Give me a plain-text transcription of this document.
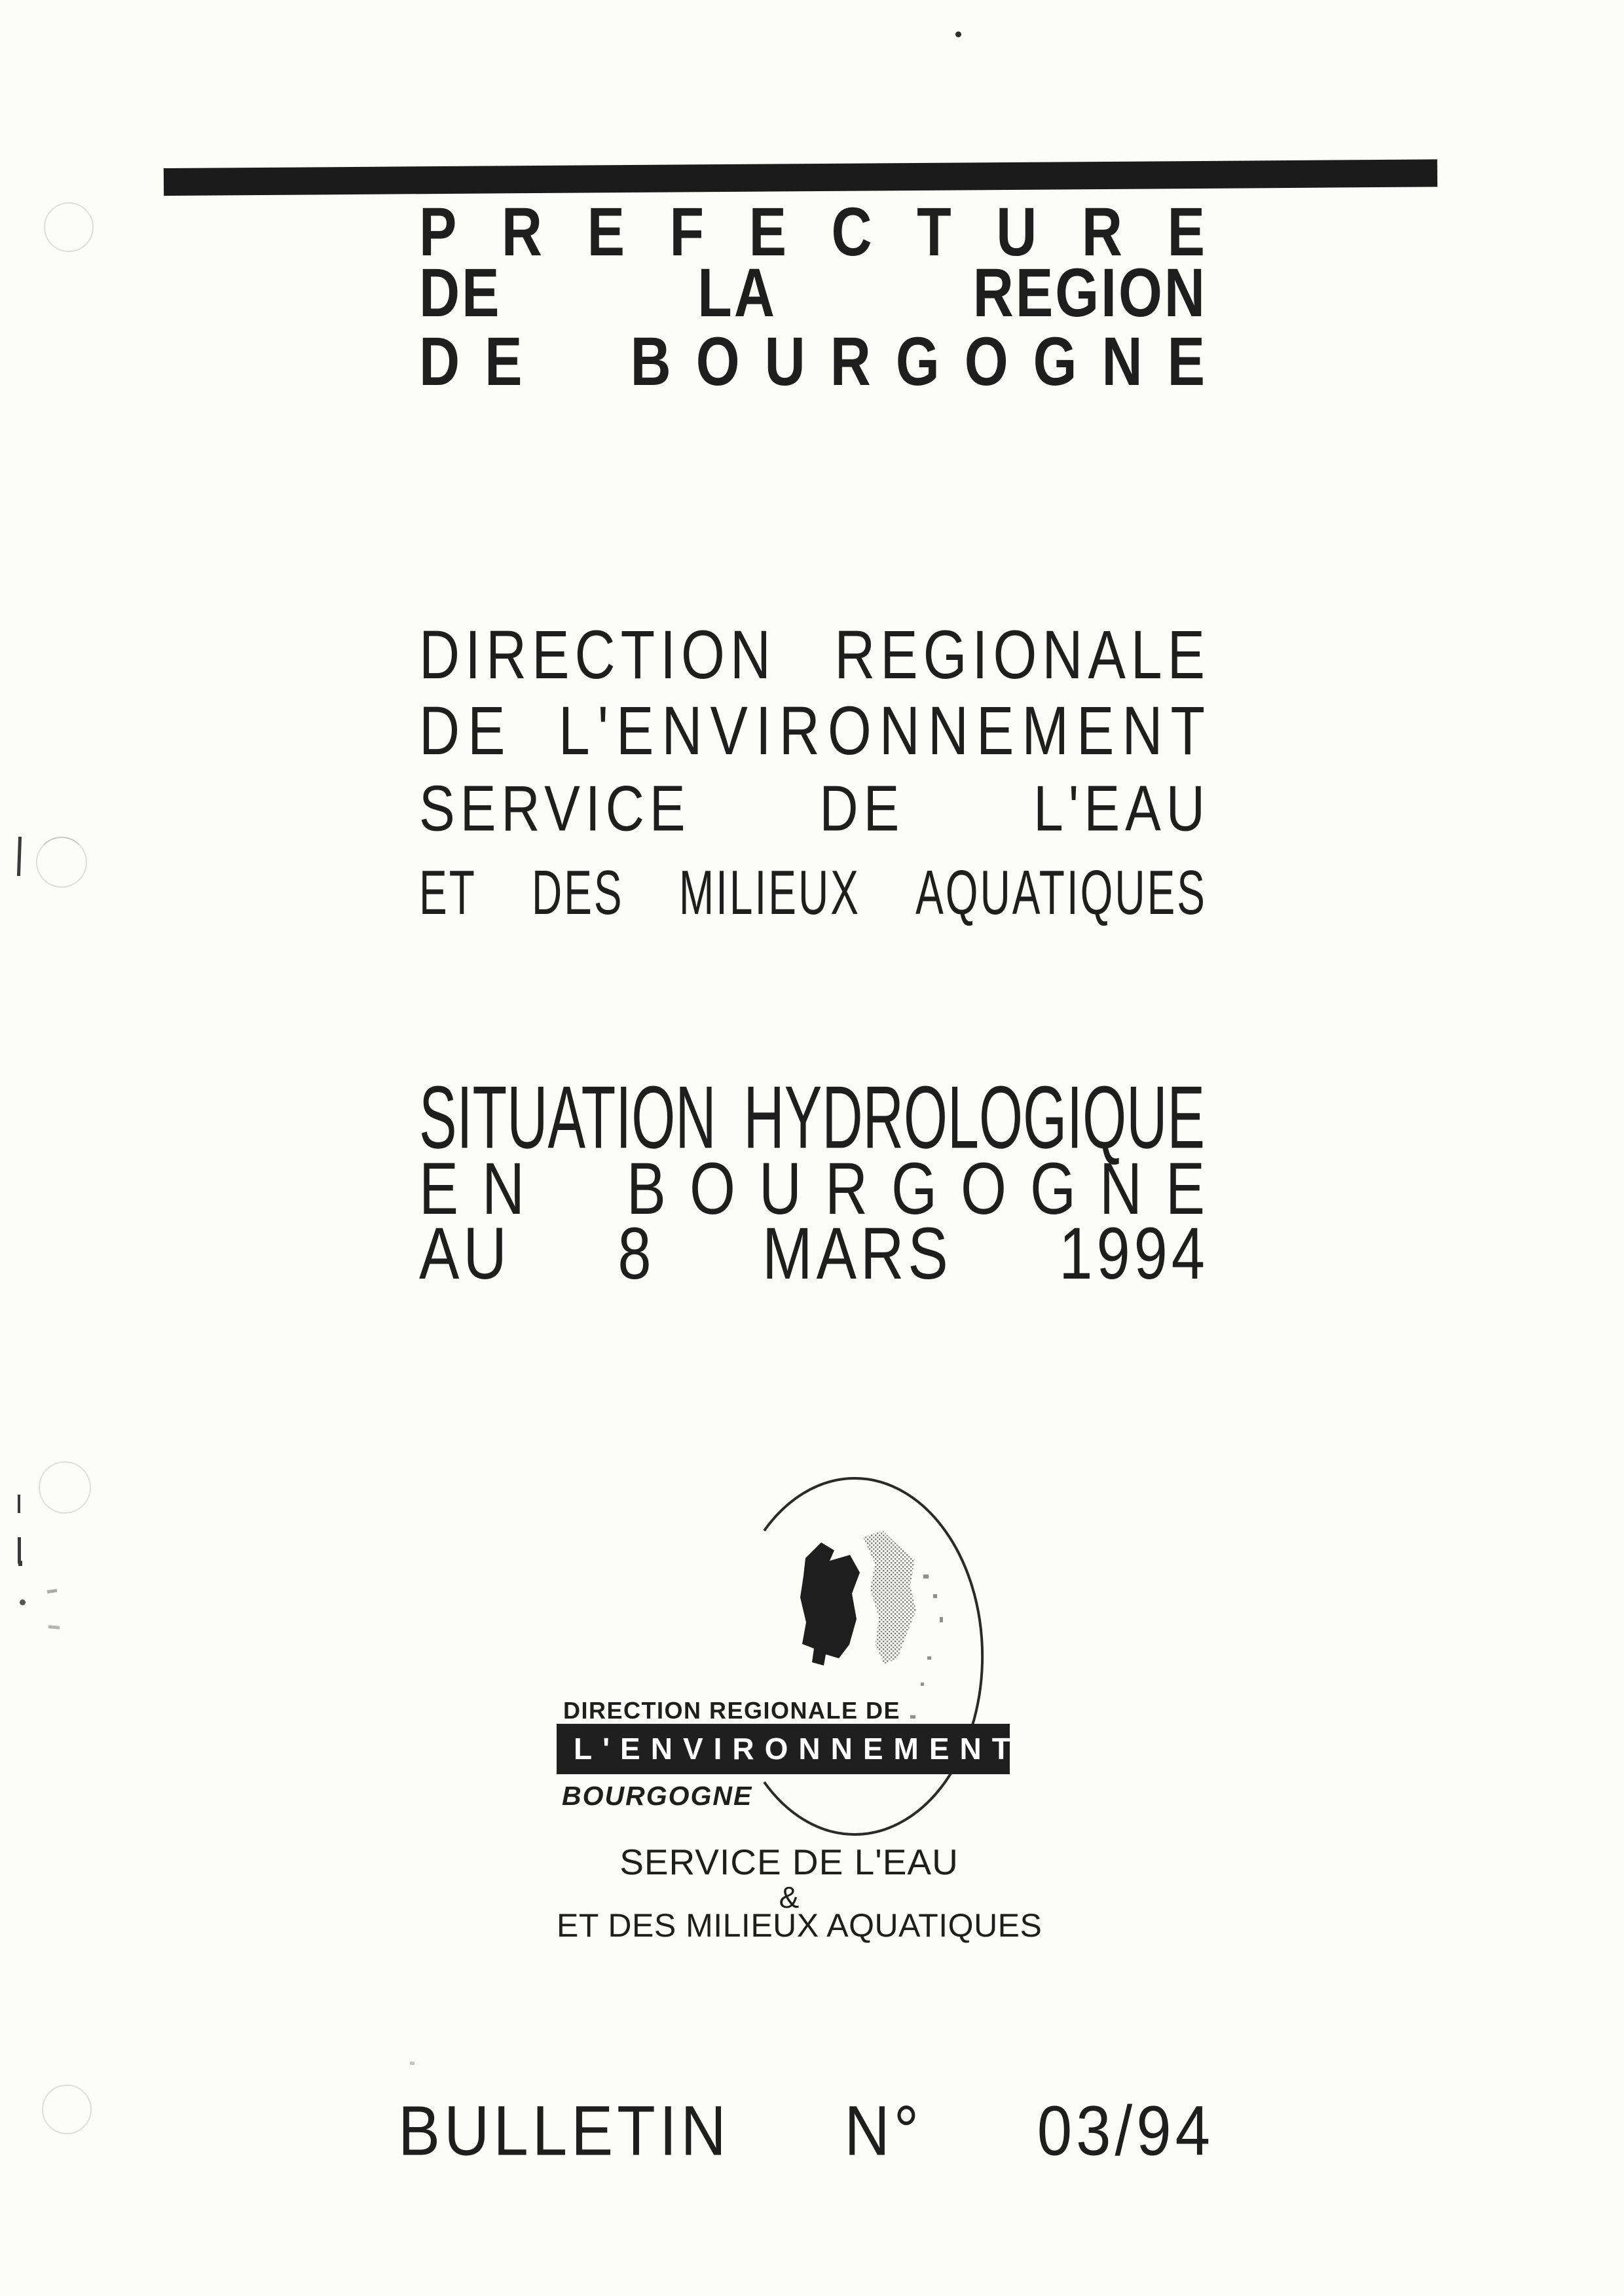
P R E F E C T U R E
DE	LA	REGION
DE BOURGOGNE
DIRECTION REGIONALE
DE L'ENVIRONNEMENT
SERVICE DE L'EAU
ET DES MILIEUX AQUATIQUES
SITUATION HYDROLOGIQUE
EN BOURGOGNE
AU 8 MARS 1994
DIRECTION REGIONALE DE
L'ENVIRONNEMENT
BOURGOGNE
SERVICE DE L'EAU
&
ET DES MILIEUX AQUATIQUES
BULLETIN N° 03/94
